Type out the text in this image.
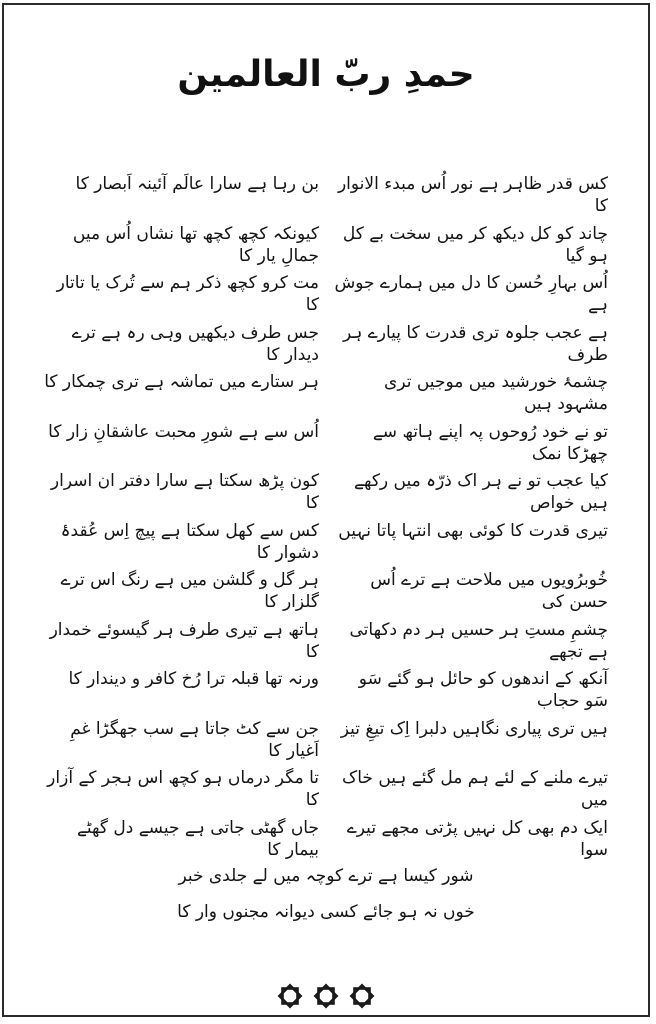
حمدِ ربّ العالمین
کس قدر ظاہر ہے نور اُس مبدء الانوار کا
بن رہا ہے سارا عالَم آئینہ اَبصار کا
چاند کو کل دیکھ کر میں سخت بے کل ہو گیا
کیونکہ کچھ کچھ تھا نشاں اُس میں جمالِ یار کا
اُس بہارِ حُسن کا دل میں ہمارے جوش ہے
مت کرو کچھ ذکر ہم سے تُرک یا تاتار کا
ہے عجب جلوہ تری قدرت کا پیارے ہر طرف
جس طرف دیکھیں وہی رہ ہے ترے دیدار کا
چشمۂ خورشید میں موجیں تری مشہود ہیں
ہر ستارے میں تماشہ ہے تری چمکار کا
تو نے خود رُوحوں پہ اپنے ہاتھ سے چھڑکا نمک
اُس سے ہے شورِ محبت عاشقانِ زار کا
کیا عجب تو نے ہر اک ذرّہ میں رکھے ہیں خواص
کون پڑھ سکتا ہے سارا دفتر ان اسرار کا
تیری قدرت کا کوئی بھی انتہا پاتا نہیں
کس سے کھل سکتا ہے پیچ اِس عُقدۂ دشوار کا
خُوبرُویوں میں ملاحت ہے ترے اُس حسن کی
ہر گل و گلشن میں ہے رنگ اس ترے گلزار کا
چشمِ مستِ ہر حسیں ہر دم دکھاتی ہے تجھے
ہاتھ ہے تیری طرف ہر گیسوئے خمدار کا
آنکھ کے اندھوں کو حائل ہو گئے سَو سَو حجاب
ورنہ تھا قبلہ ترا رُخ کافر و دیندار کا
ہیں تری پیاری نگاہیں دلبرا اِک تیغِ تیز
جن سے کٹ جاتا ہے سب جھگڑا غمِ اَغیار کا
تیرے ملنے کے لئے ہم مل گئے ہیں خاک میں
تا مگر درماں ہو کچھ اس ہجر کے آزار کا
ایک دم بھی کل نہیں پڑتی مجھے تیرے سوا
جاں گھٹی جاتی ہے جیسے دل گھٹے بیمار کا
شور کیسا ہے ترے کوچہ میں لے جلدی خبر
خوں نہ ہو جائے کسی دیوانہ مجنوں وار کا
